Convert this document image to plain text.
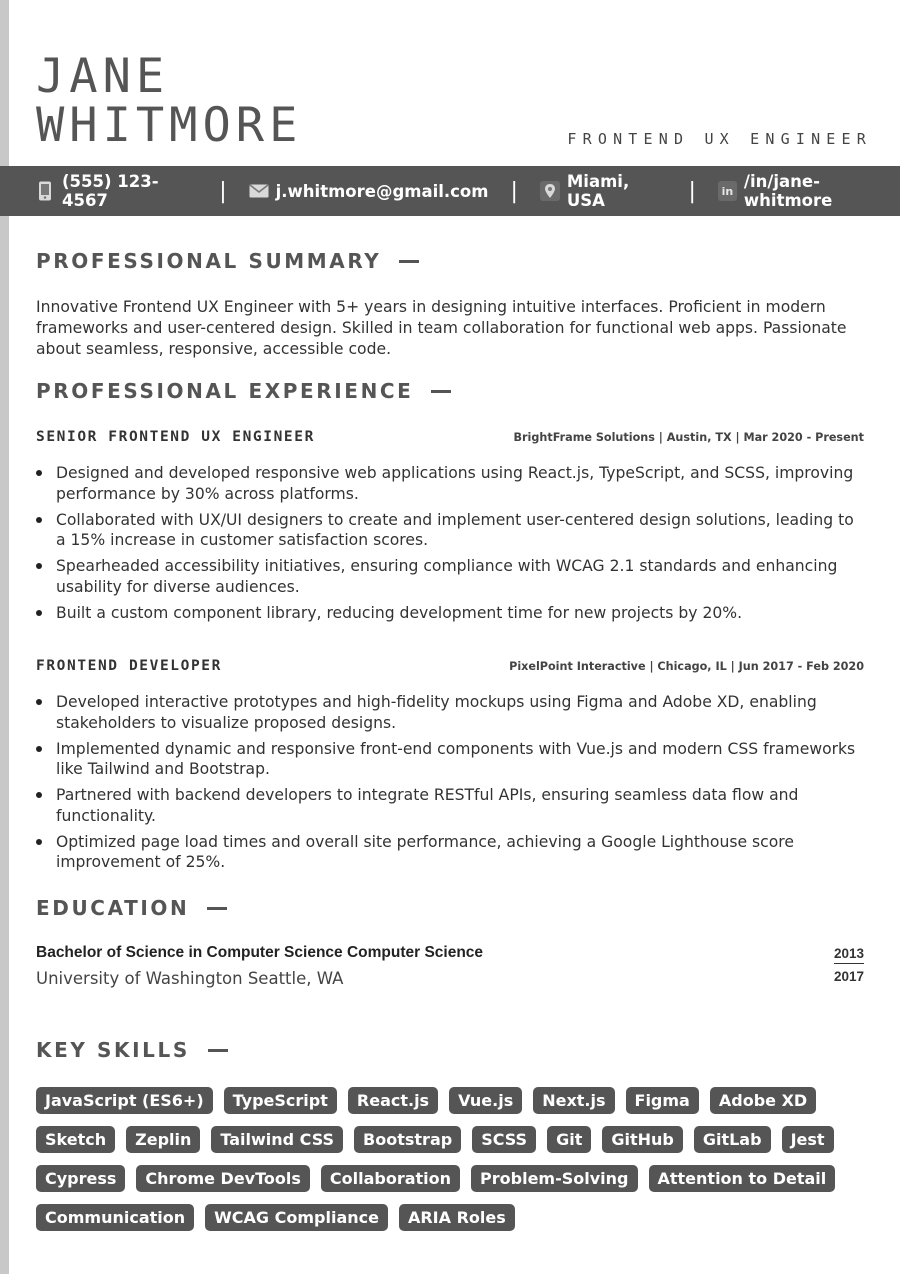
JANE
WHITMORE	FRONTEND UX ENGINEER
(555) 123-4567	|	j.whitmore@gmail.com |	Miami, USA	|	in /in/jane-whitmore
PROFESSIONAL SUMMARY

Innovative Frontend UX Engineer with 5+ years in designing intuitive interfaces. Proficient in modern frameworks and user-centered design. Skilled in team collaboration for functional web apps. Passionate about seamless, responsive, accessible code.

PROFESSIONAL EXPERIENCE
SENIOR FRONTEND UX ENGINEER	BrightFrame Solutions | Austin, TX | Mar 2020 - Present
Designed and developed responsive web applications using React.js, TypeScript, and SCSS, improving performance by 30% across platforms.
Collaborated with UX/UI designers to create and implement user-centered design solutions, leading to a 15% increase in customer satisfaction scores.
Spearheaded accessibility initiatives, ensuring compliance with WCAG 2.1 standards and enhancing usability for diverse audiences.
Built a custom component library, reducing development time for new projects by 20%.
FRONTEND DEVELOPER	PixelPoint Interactive | Chicago, IL | Jun 2017 - Feb 2020
Developed interactive prototypes and high-fidelity mockups using Figma and Adobe XD, enabling stakeholders to visualize proposed designs.
Implemented dynamic and responsive front-end components with Vue.js and modern CSS frameworks like Tailwind and Bootstrap.
Partnered with backend developers to integrate RESTful APIs, ensuring seamless data flow and functionality.
Optimized page load times and overall site performance, achieving a Google Lighthouse score improvement of 25%.
EDUCATION
Bachelor of Science in Computer Science Computer Science
University of Washington Seattle, WA
2013
2017
KEY SKILLS
JavaScript (ES6+)	TypeScript	React.js	Vue.js	Next.js	Figma	Adobe XD
Sketch	Zeplin	Tailwind CSS	Bootstrap	SCSS	Git	GitHub	GitLab	Jest
Cypress	Chrome DevTools	Collaboration	Problem-Solving	Attention to Detail
Communication	WCAG Compliance	ARIA Roles
